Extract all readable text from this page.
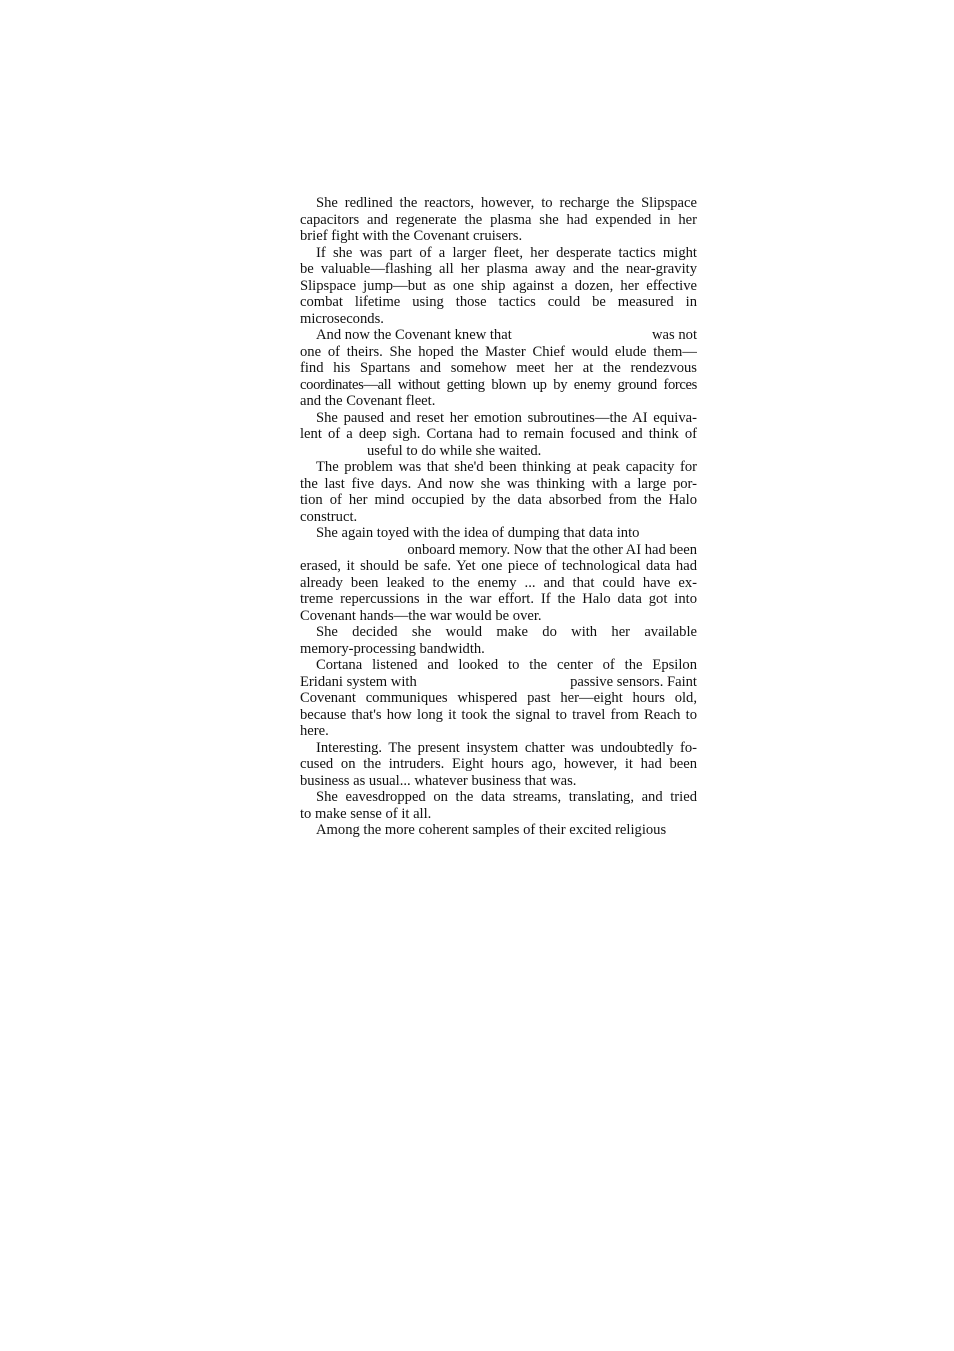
She redlined the reactors, however, to recharge the Slipspace
capacitors and regenerate the plasma she had expended in her
brief fight with the Covenant cruisers.
If she was part of a larger fleet, her desperate tactics might
be valuable—flashing all her plasma away and the near-gravity
Slipspace jump—but as one ship against a dozen, her effective
combat lifetime using those tactics could be measured in
microseconds.
And now the Covenant knew that	was not
one of theirs. She hoped the Master Chief would elude them—
find his Spartans and somehow meet her at the rendezvous
coordinates—all without getting blown up by enemy ground forces
and the Covenant fleet.
She paused and reset her emotion subroutines—the AI equiva-
lent of a deep sigh. Cortana had to remain focused and think of
useful to do while she waited.
The problem was that she'd been thinking at peak capacity for
the last five days. And now she was thinking with a large por-
tion of her mind occupied by the data absorbed from the Halo
construct.
She again toyed with the idea of dumping that data into
onboard memory. Now that the other AI had been
erased, it should be safe. Yet one piece of technological data had
already been leaked to the enemy ... and that could have ex-
treme repercussions in the war effort. If the Halo data got into
Covenant hands—the war would be over.
She decided she would make do with her available
memory-processing bandwidth.
Cortana listened and looked to the center of the Epsilon
Eridani system with	passive sensors. Faint
Covenant communiques whispered past her—eight hours old,
because that's how long it took the signal to travel from Reach to
here.
Interesting. The present insystem chatter was undoubtedly fo-
cused on the intruders. Eight hours ago, however, it had been
business as usual... whatever business that was.
She eavesdropped on the data streams, translating, and tried
to make sense of it all.
Among the more coherent samples of their excited religious
